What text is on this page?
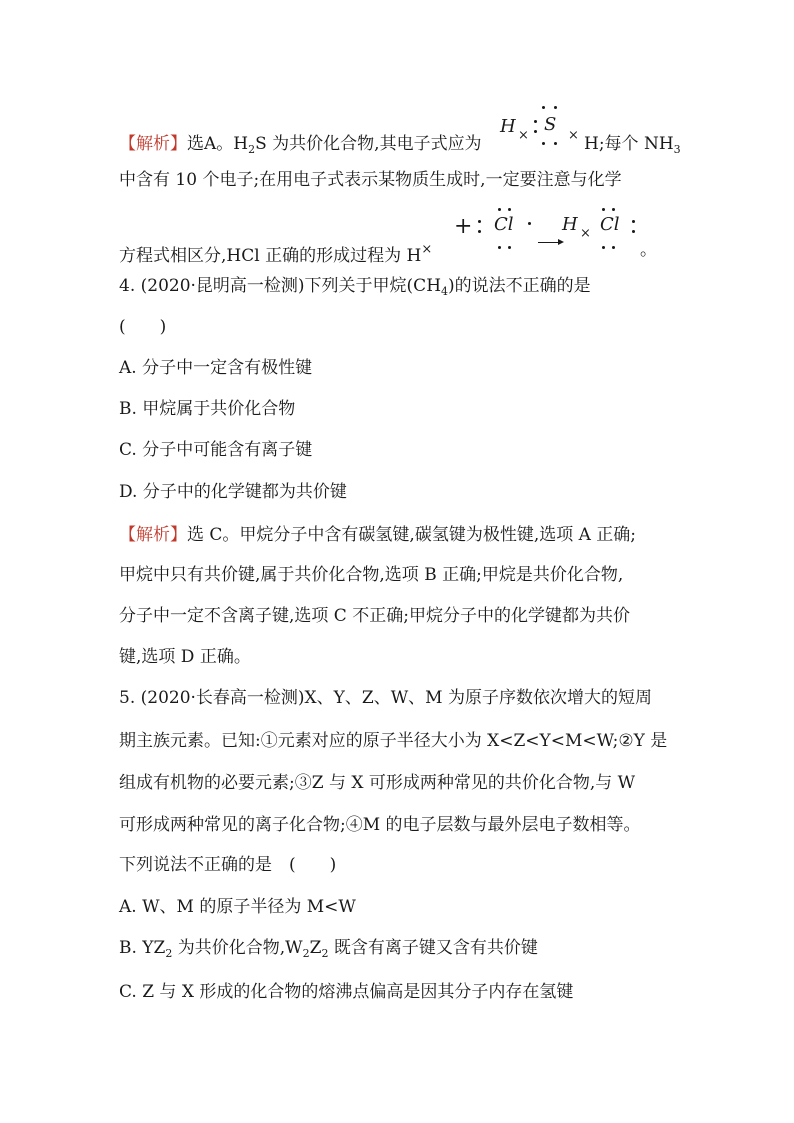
【解析】选A。$H_2S$ 为共价化合物,其电子式应为
H ×
S
× H;每个 $NH_3$
中含有 10 个电子;在用电子式表示某物质生成时,一定要注意与化学
方程式相区分,HCl 正确的形成过程为 H×
+ Cl	H × Cl
。
4. (2020·昆明高一检测)下列关于甲烷$(CH_4)$的说法不正确的是
(　　)
A. 分子中一定含有极性键
B. 甲烷属于共价化合物
C. 分子中可能含有离子键
D. 分子中的化学键都为共价键
【解析】选 C。甲烷分子中含有碳氢键,碳氢键为极性键,选项 A 正确;
甲烷中只有共价键,属于共价化合物,选项 B 正确;甲烷是共价化合物,
分子中一定不含离子键,选项 C 不正确;甲烷分子中的化学键都为共价
键,选项 D 正确。
5. (2020·长春高一检测)X、Y、Z、W、M 为原子序数依次增大的短周
期主族元素。已知:①元素对应的原子半径大小为 X<Z<Y<M<W;②Y 是
组成有机物的必要元素;③Z 与 X 可形成两种常见的共价化合物,与 W
可形成两种常见的离子化合物;④M 的电子层数与最外层电子数相等。
下列说法不正确的是　(　　)
A. W、M 的原子半径为 M<W
B. $YZ_2$ 为共价化合物$,W_2Z_2$ 既含有离子键又含有共价键
C. Z 与 X 形成的化合物的熔沸点偏高是因其分子内存在氢键
